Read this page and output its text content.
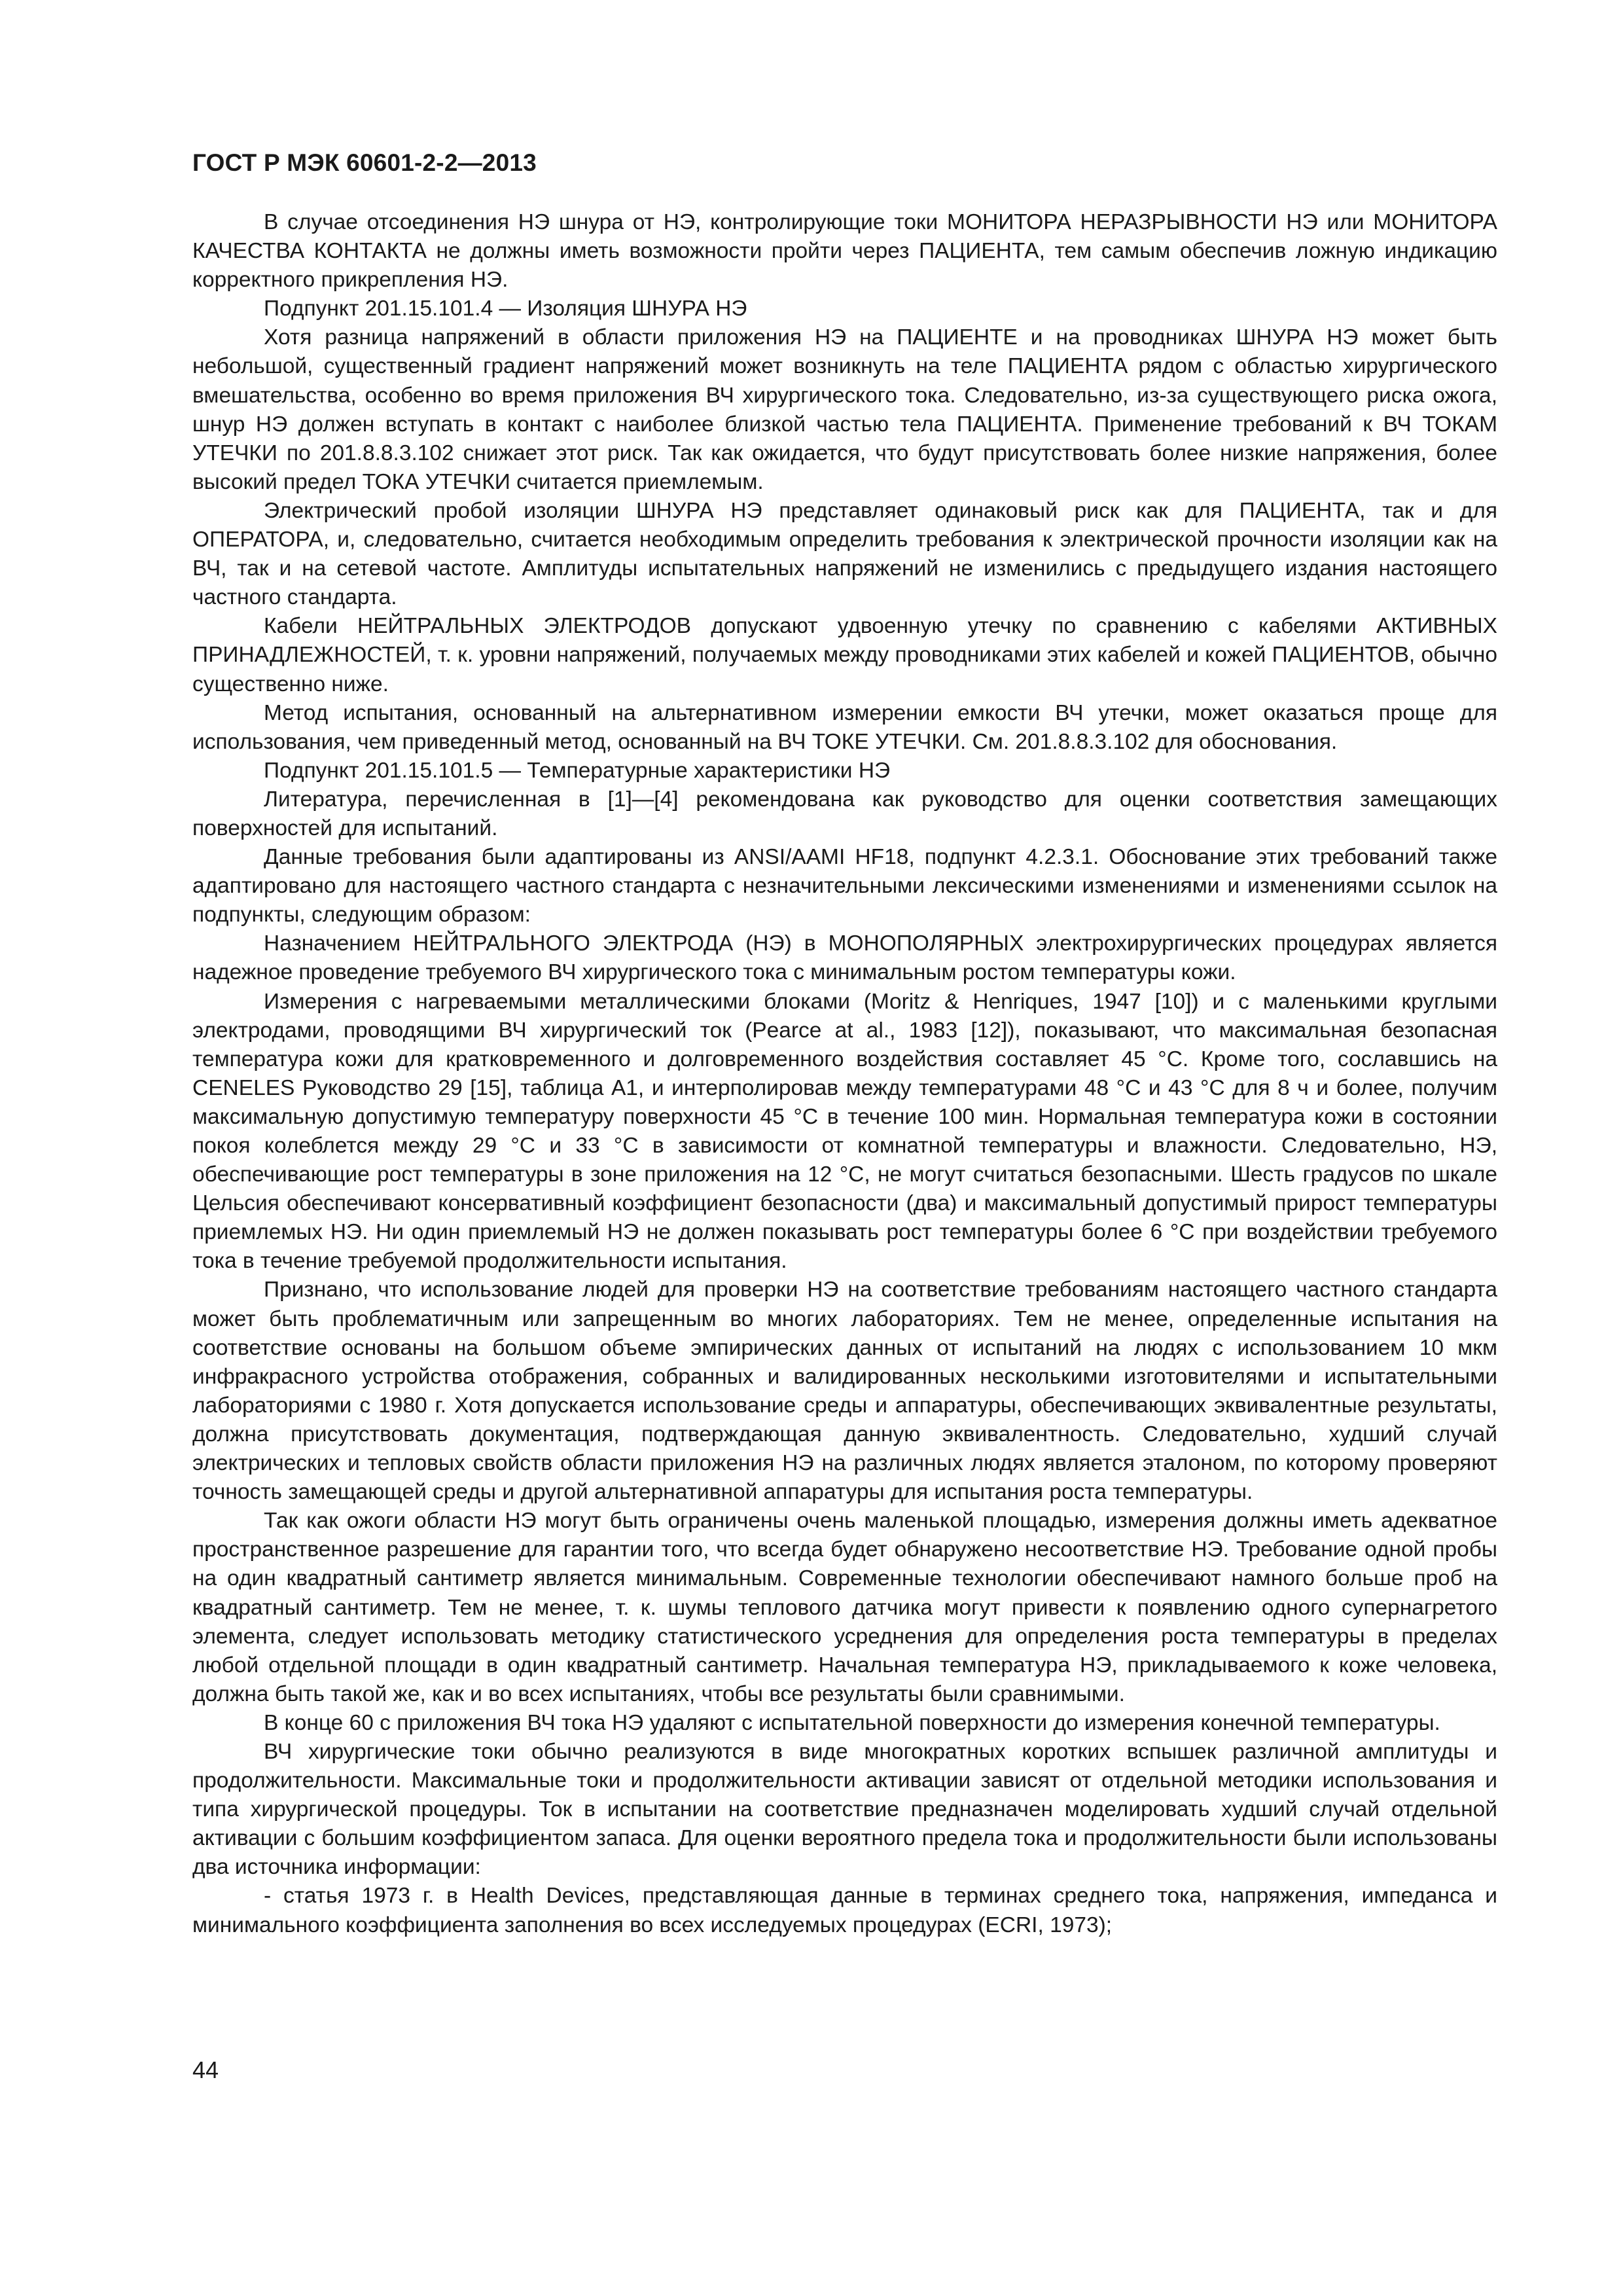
ГОСТ Р МЭК 60601-2-2—2013

В случае отсоединения НЭ шнура от НЭ, контролирующие токи МОНИТОРА НЕРАЗРЫВНОСТИ НЭ или МОНИТОРА КАЧЕСТВА КОНТАКТА не должны иметь возможности пройти через ПАЦИЕНТА, тем самым обеспечив ложную индикацию корректного прикрепления НЭ.

Подпункт 201.15.101.4 — Изоляция ШНУРА НЭ

Хотя разница напряжений в области приложения НЭ на ПАЦИЕНТЕ и на проводниках ШНУРА НЭ может быть небольшой, существенный градиент напряжений может возникнуть на теле ПАЦИЕНТА рядом с областью хирургического вмешательства, особенно во время приложения ВЧ хирургического тока. Следовательно, из-за существующего риска ожога, шнур НЭ должен вступать в контакт с наиболее близкой частью тела ПАЦИЕНТА. Применение требований к ВЧ ТОКАМ УТЕЧКИ по 201.8.8.3.102 снижает этот риск. Так как ожидается, что будут присутствовать более низкие напряжения, более высокий предел ТОКА УТЕЧКИ считается приемлемым.

Электрический пробой изоляции ШНУРА НЭ представляет одинаковый риск как для ПАЦИЕНТА, так и для ОПЕРАТОРА, и, следовательно, считается необходимым определить требования к электрической прочности изоляции как на ВЧ, так и на сетевой частоте. Амплитуды испытательных напряжений не изменились с предыдущего издания настоящего частного стандарта.

Кабели НЕЙТРАЛЬНЫХ ЭЛЕКТРОДОВ допускают удвоенную утечку по сравнению с кабелями АКТИВНЫХ ПРИНАДЛЕЖНОСТЕЙ, т. к. уровни напряжений, получаемых между проводниками этих кабелей и кожей ПАЦИЕНТОВ, обычно существенно ниже.

Метод испытания, основанный на альтернативном измерении емкости ВЧ утечки, может оказаться проще для использования, чем приведенный метод, основанный на ВЧ ТОКЕ УТЕЧКИ. См. 201.8.8.3.102 для обоснования.

Подпункт 201.15.101.5 — Температурные характеристики НЭ

Литература, перечисленная в [1]—[4] рекомендована как руководство для оценки соответствия замещающих поверхностей для испытаний.

Данные требования были адаптированы из ANSI/AAMI HF18, подпункт 4.2.3.1. Обоснование этих требований также адаптировано для настоящего частного стандарта с незначительными лексическими изменениями и изменениями ссылок на подпункты, следующим образом:

Назначением НЕЙТРАЛЬНОГО ЭЛЕКТРОДА (НЭ) в МОНОПОЛЯРНЫХ электрохирургических процедурах является надежное проведение требуемого ВЧ хирургического тока с минимальным ростом температуры кожи.

Измерения с нагреваемыми металлическими блоками (Moritz & Henriques, 1947 [10]) и с маленькими круглыми электродами, проводящими ВЧ хирургический ток (Pearce at al., 1983 [12]), показывают, что максимальная безопасная температура кожи для кратковременного и долговременного воздействия составляет 45 °C. Кроме того, сославшись на CENELES Руководство 29 [15], таблица А1, и интерполировав между температурами 48 °C и 43 °C для 8 ч и более, получим максимальную допустимую температуру поверхности 45 °C в течение 100 мин. Нормальная температура кожи в состоянии покоя колеблется между 29 °C и 33 °C в зависимости от комнатной температуры и влажности. Следовательно, НЭ, обеспечивающие рост температуры в зоне приложения на 12 °C, не могут считаться безопасными. Шесть градусов по шкале Цельсия обеспечивают консервативный коэффициент безопасности (два) и максимальный допустимый прирост температуры приемлемых НЭ. Ни один приемлемый НЭ не должен показывать рост температуры более 6 °C при воздействии требуемого тока в течение требуемой продолжительности испытания.

Признано, что использование людей для проверки НЭ на соответствие требованиям настоящего частного стандарта может быть проблематичным или запрещенным во многих лабораториях. Тем не менее, определенные испытания на соответствие основаны на большом объеме эмпирических данных от испытаний на людях с использованием 10 мкм инфракрасного устройства отображения, собранных и валидированных несколькими изготовителями и испытательными лабораториями с 1980 г. Хотя допускается использование среды и аппаратуры, обеспечивающих эквивалентные результаты, должна присутствовать документация, подтверждающая данную эквивалентность. Следовательно, худший случай электрических и тепловых свойств области приложения НЭ на различных людях является эталоном, по которому проверяют точность замещающей среды и другой альтернативной аппаратуры для испытания роста температуры.

Так как ожоги области НЭ могут быть ограничены очень маленькой площадью, измерения должны иметь адекватное пространственное разрешение для гарантии того, что всегда будет обнаружено несоответствие НЭ. Требование одной пробы на один квадратный сантиметр является минимальным. Современные технологии обеспечивают намного больше проб на квадратный сантиметр. Тем не менее, т. к. шумы теплового датчика могут привести к появлению одного супернагретого элемента, следует использовать методику статистического усреднения для определения роста температуры в пределах любой отдельной площади в один квадратный сантиметр. Начальная температура НЭ, прикладываемого к коже человека, должна быть такой же, как и во всех испытаниях, чтобы все результаты были сравнимыми.

В конце 60 с приложения ВЧ тока НЭ удаляют с испытательной поверхности до измерения конечной температуры.

ВЧ хирургические токи обычно реализуются в виде многократных коротких вспышек различной амплитуды и продолжительности. Максимальные токи и продолжительности активации зависят от отдельной методики использования и типа хирургической процедуры. Ток в испытании на соответствие предназначен моделировать худший случай отдельной активации с большим коэффициентом запаса. Для оценки вероятного предела тока и продолжительности были использованы два источника информации:

- статья 1973 г. в Health Devices, представляющая данные в терминах среднего тока, напряжения, импеданса и минимального коэффициента заполнения во всех исследуемых процедурах (ECRI, 1973);

44
